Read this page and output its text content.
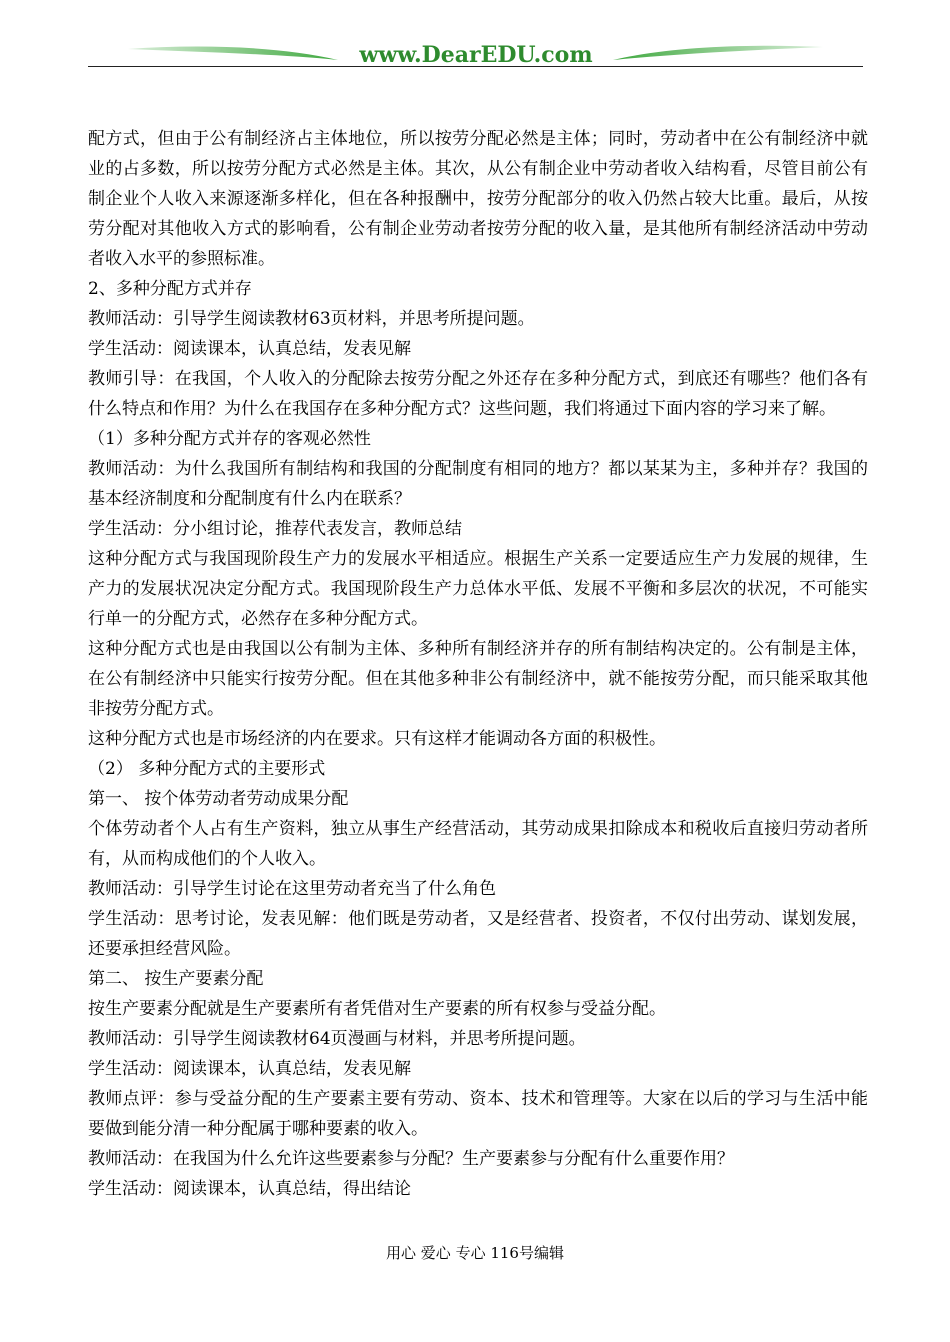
www.DearEDU.com

配方式，但由于公有制经济占主体地位，所以按劳分配必然是主体；同时，劳动者中在公有制经济中就业的占多数，所以按劳分配方式必然是主体。其次，从公有制企业中劳动者收入结构看，尽管目前公有制企业个人收入来源逐渐多样化，但在各种报酬中，按劳分配部分的收入仍然占较大比重。最后，从按劳分配对其他收入方式的影响看，公有制企业劳动者按劳分配的收入量，是其他所有制经济活动中劳动者收入水平的参照标准。

2、多种分配方式并存

教师活动：引导学生阅读教材63页材料，并思考所提问题。

学生活动：阅读课本，认真总结，发表见解

教师引导：在我国，个人收入的分配除去按劳分配之外还存在多种分配方式，到底还有哪些？他们各有什么特点和作用？为什么在我国存在多种分配方式？这些问题，我们将通过下面内容的学习来了解。

（1）多种分配方式并存的客观必然性

教师活动：为什么我国所有制结构和我国的分配制度有相同的地方？都以某某为主，多种并存？我国的基本经济制度和分配制度有什么内在联系？

学生活动：分小组讨论，推荐代表发言，教师总结

这种分配方式与我国现阶段生产力的发展水平相适应。根据生产关系一定要适应生产力发展的规律，生产力的发展状况决定分配方式。我国现阶段生产力总体水平低、发展不平衡和多层次的状况，不可能实行单一的分配方式，必然存在多种分配方式。

这种分配方式也是由我国以公有制为主体、多种所有制经济并存的所有制结构决定的。公有制是主体，在公有制经济中只能实行按劳分配。但在其他多种非公有制经济中，就不能按劳分配，而只能采取其他非按劳分配方式。

这种分配方式也是市场经济的内在要求。只有这样才能调动各方面的积极性。

（2） 多种分配方式的主要形式

第一、 按个体劳动者劳动成果分配

个体劳动者个人占有生产资料，独立从事生产经营活动，其劳动成果扣除成本和税收后直接归劳动者所有，从而构成他们的个人收入。

教师活动：引导学生讨论在这里劳动者充当了什么角色

学生活动：思考讨论，发表见解：他们既是劳动者，又是经营者、投资者，不仅付出劳动、谋划发展，还要承担经营风险。

第二、 按生产要素分配

按生产要素分配就是生产要素所有者凭借对生产要素的所有权参与受益分配。

教师活动：引导学生阅读教材64页漫画与材料，并思考所提问题。

学生活动：阅读课本，认真总结，发表见解

教师点评：参与受益分配的生产要素主要有劳动、资本、技术和管理等。大家在以后的学习与生活中能要做到能分清一种分配属于哪种要素的收入。

教师活动：在我国为什么允许这些要素参与分配？生产要素参与分配有什么重要作用？

学生活动：阅读课本，认真总结，得出结论

用心 爱心 专心 116号编辑
